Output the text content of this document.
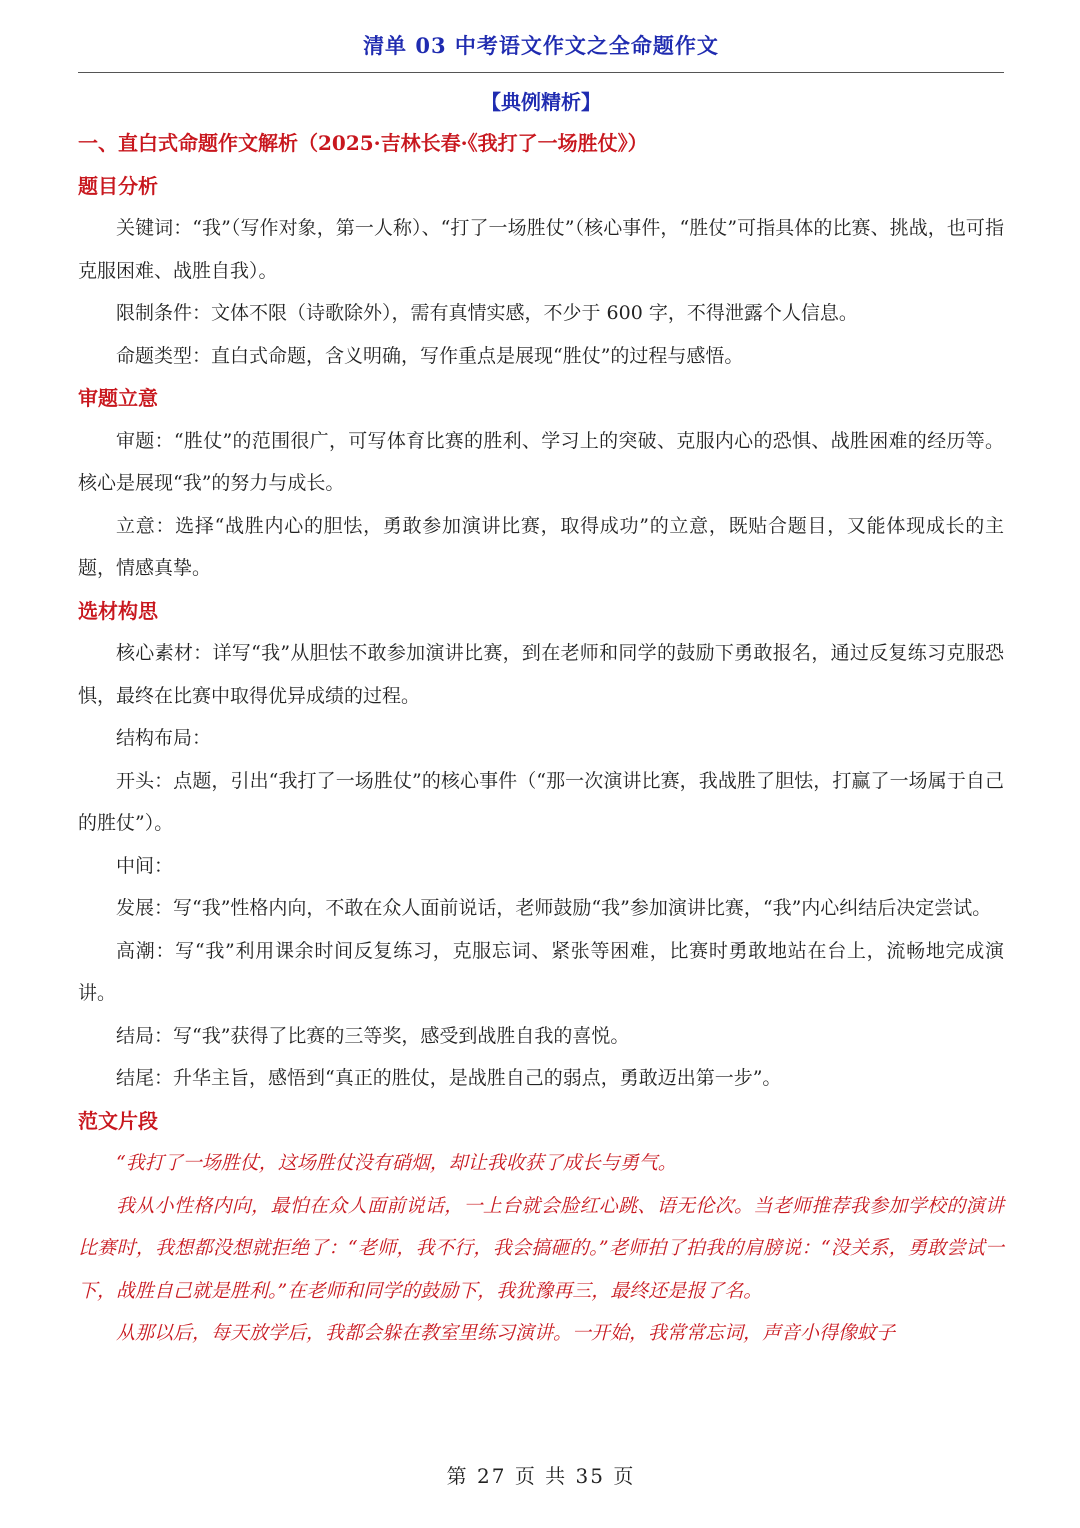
清单 03 中考语文作文之全命题作文
【典例精析】
一、直白式命题作文解析（2025·吉林长春·《我打了一场胜仗》）
题目分析
关键词：“我”（写作对象，第一人称）、“打了一场胜仗”（核心事件，“胜仗”可指具体的比赛、挑战，也可指克服困难、战胜自我）。
限制条件：文体不限（诗歌除外），需有真情实感，不少于 600 字，不得泄露个人信息。
命题类型：直白式命题，含义明确，写作重点是展现“胜仗”的过程与感悟。
审题立意
审题：“胜仗”的范围很广，可写体育比赛的胜利、学习上的突破、克服内心的恐惧、战胜困难的经历等。核心是展现“我”的努力与成长。
立意：选择“战胜内心的胆怯，勇敢参加演讲比赛，取得成功”的立意，既贴合题目，又能体现成长的主题，情感真挚。
选材构思
核心素材：详写“我”从胆怯不敢参加演讲比赛，到在老师和同学的鼓励下勇敢报名，通过反复练习克服恐惧，最终在比赛中取得优异成绩的过程。
结构布局：
开头：点题，引出“我打了一场胜仗”的核心事件（“那一次演讲比赛，我战胜了胆怯，打赢了一场属于自己的胜仗”）。
中间：
发展：写“我”性格内向，不敢在众人面前说话，老师鼓励“我”参加演讲比赛，“我”内心纠结后决定尝试。
高潮：写“我”利用课余时间反复练习，克服忘词、紧张等困难，比赛时勇敢地站在台上，流畅地完成演讲。
结局：写“我”获得了比赛的三等奖，感受到战胜自我的喜悦。
结尾：升华主旨，感悟到“真正的胜仗，是战胜自己的弱点，勇敢迈出第一步”。
范文片段
“我打了一场胜仗，这场胜仗没有硝烟，却让我收获了成长与勇气。
我从小性格内向，最怕在众人面前说话，一上台就会脸红心跳、语无伦次。当老师推荐我参加学校的演讲比赛时，我想都没想就拒绝了：“老师，我不行，我会搞砸的。”老师拍了拍我的肩膀说：“没关系，勇敢尝试一下，战胜自己就是胜利。”在老师和同学的鼓励下，我犹豫再三，最终还是报了名。
从那以后，每天放学后，我都会躲在教室里练习演讲。一开始，我常常忘词，声音小得像蚊子
第 27 页 共 35 页
